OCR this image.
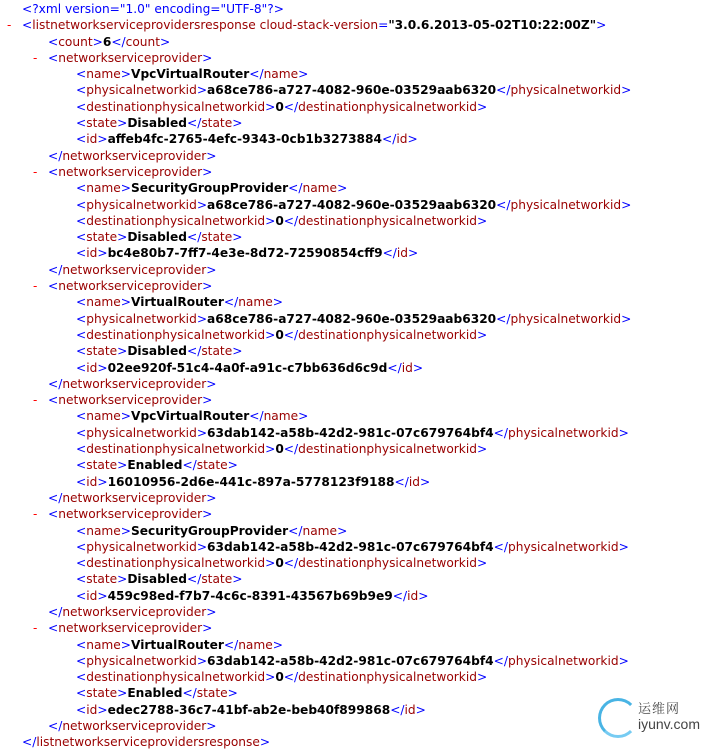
<?xml version="1.0" encoding="UTF-8"?>
- <listnetworkserviceprovidersresponse cloud-stack-version="3.0.6.2013-05-02T10:22:00Z">
<count>6</count>
- <networkserviceprovider>
<name>VpcVirtualRouter</name>
<physicalnetworkid>a68ce786-a727-4082-960e-03529aab6320</physicalnetworkid>
<destinationphysicalnetworkid>0</destinationphysicalnetworkid>
<state>Disabled</state>
<id>affeb4fc-2765-4efc-9343-0cb1b3273884</id>
</networkserviceprovider>
- <networkserviceprovider>
<name>SecurityGroupProvider</name>
<physicalnetworkid>a68ce786-a727-4082-960e-03529aab6320</physicalnetworkid>
<destinationphysicalnetworkid>0</destinationphysicalnetworkid>
<state>Disabled</state>
<id>bc4e80b7-7ff7-4e3e-8d72-72590854cff9</id>
</networkserviceprovider>
- <networkserviceprovider>
<name>VirtualRouter</name>
<physicalnetworkid>a68ce786-a727-4082-960e-03529aab6320</physicalnetworkid>
<destinationphysicalnetworkid>0</destinationphysicalnetworkid>
<state>Disabled</state>
<id>02ee920f-51c4-4a0f-a91c-c7bb636d6c9d</id>
</networkserviceprovider>
- <networkserviceprovider>
<name>VpcVirtualRouter</name>
<physicalnetworkid>63dab142-a58b-42d2-981c-07c679764bf4</physicalnetworkid>
<destinationphysicalnetworkid>0</destinationphysicalnetworkid>
<state>Enabled</state>
<id>16010956-2d6e-441c-897a-5778123f9188</id>
</networkserviceprovider>
- <networkserviceprovider>
<name>SecurityGroupProvider</name>
<physicalnetworkid>63dab142-a58b-42d2-981c-07c679764bf4</physicalnetworkid>
<destinationphysicalnetworkid>0</destinationphysicalnetworkid>
<state>Disabled</state>
<id>459c98ed-f7b7-4c6c-8391-43567b69b9e9</id>
</networkserviceprovider>
- <networkserviceprovider>
<name>VirtualRouter</name>
<physicalnetworkid>63dab142-a58b-42d2-981c-07c679764bf4</physicalnetworkid>
<destinationphysicalnetworkid>0</destinationphysicalnetworkid>
<state>Enabled</state>
<id>edec2788-36c7-41bf-ab2e-beb40f899868</id>
</networkserviceprovider>
</listnetworkserviceprovidersresponse>
运维网
iyunv.com
